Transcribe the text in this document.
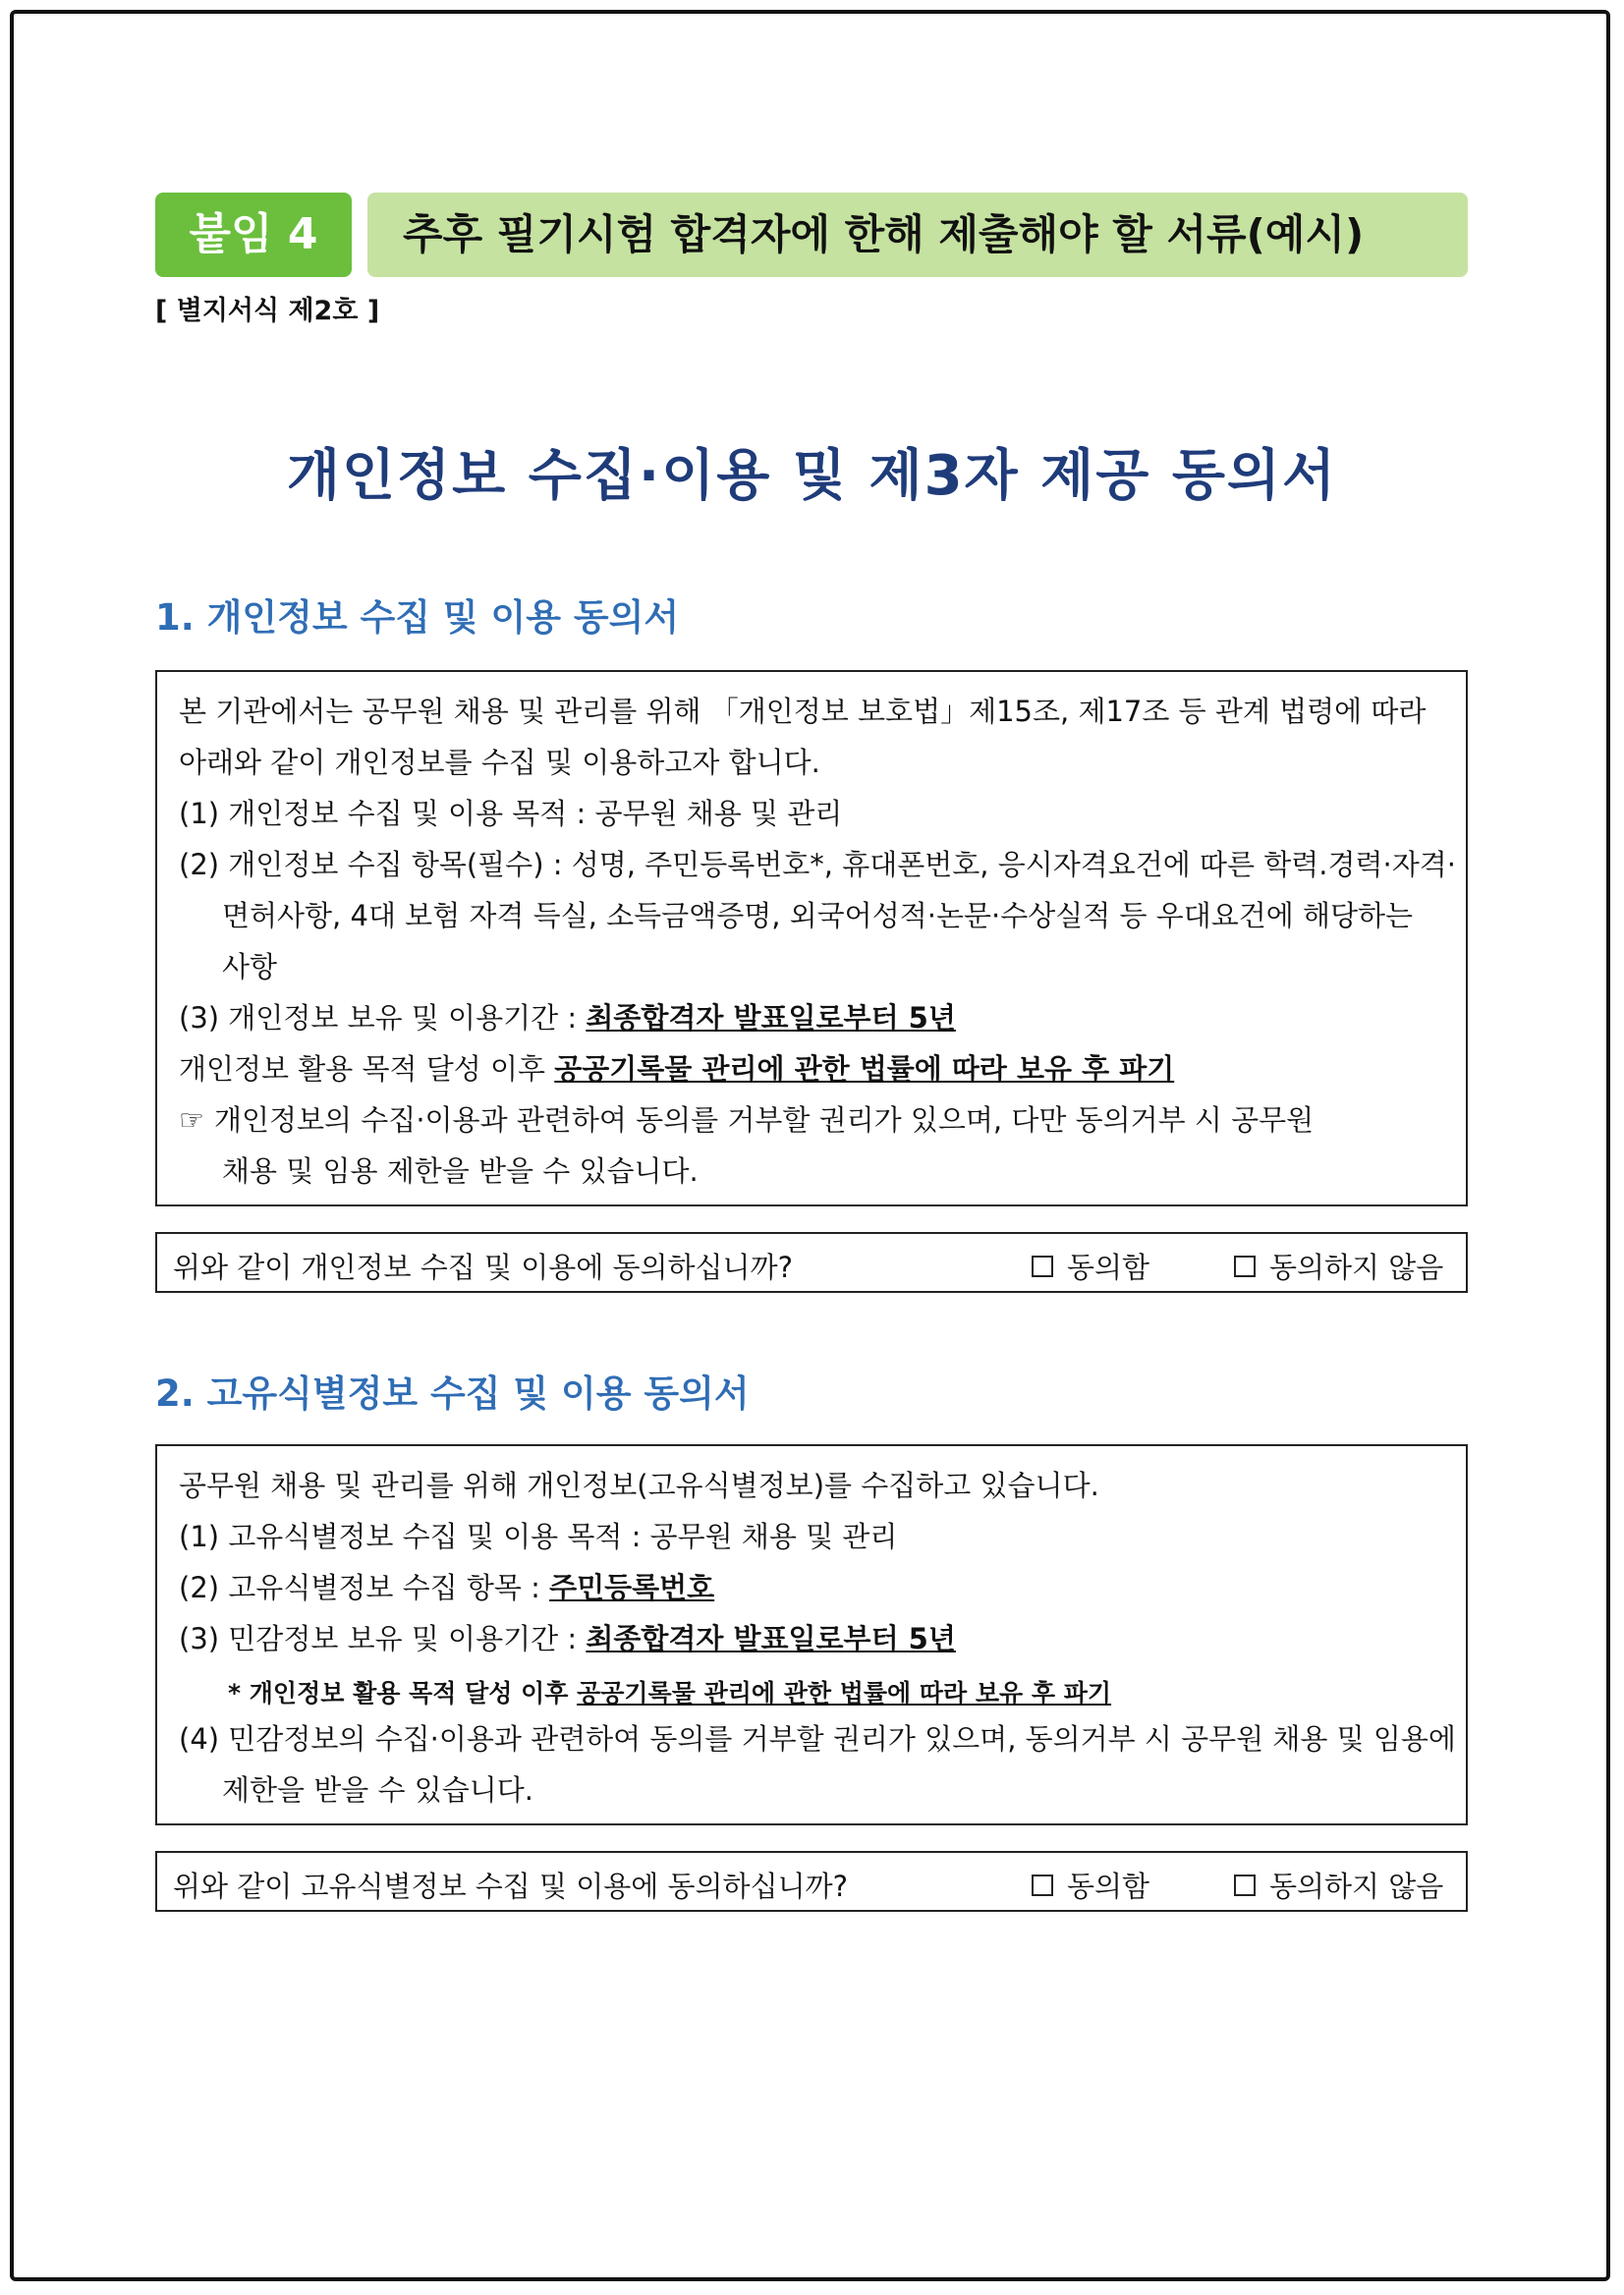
붙임 4	추후 필기시험 합격자에 한해 제출해야 할 서류(예시)
[ 별지서식 제2호 ]
개인정보 수집·이용 및 제3자 제공 동의서
1. 개인정보 수집 및 이용 동의서
본 기관에서는 공무원 채용 및 관리를 위해 「개인정보 보호법」제15조, 제17조 등 관계 법령에 따라
아래와 같이 개인정보를 수집 및 이용하고자 합니다.
(1) 개인정보 수집 및 이용 목적 : 공무원 채용 및 관리
(2) 개인정보 수집 항목(필수) : 성명, 주민등록번호*, 휴대폰번호, 응시자격요건에 따른 학력.경력·자격·
면허사항, 4대 보험 자격 득실, 소득금액증명, 외국어성적·논문·수상실적 등 우대요건에 해당하는
사항
(3) 개인정보 보유 및 이용기간 : 최종합격자 발표일로부터 5년
개인정보 활용 목적 달성 이후 공공기록물 관리에 관한 법률에 따라 보유 후 파기
☞ 개인정보의 수집·이용과 관련하여 동의를 거부할 권리가 있으며, 다만 동의거부 시 공무원
채용 및 임용 제한을 받을 수 있습니다.
위와 같이 개인정보 수집 및 이용에 동의하십니까?	동의함	동의하지 않음
2. 고유식별정보 수집 및 이용 동의서
공무원 채용 및 관리를 위해 개인정보(고유식별정보)를 수집하고 있습니다.
(1) 고유식별정보 수집 및 이용 목적 : 공무원 채용 및 관리
(2) 고유식별정보 수집 항목 : 주민등록번호
(3) 민감정보 보유 및 이용기간 : 최종합격자 발표일로부터 5년
* 개인정보 활용 목적 달성 이후 공공기록물 관리에 관한 법률에 따라 보유 후 파기
(4) 민감정보의 수집·이용과 관련하여 동의를 거부할 권리가 있으며, 동의거부 시 공무원 채용 및 임용에
제한을 받을 수 있습니다.
위와 같이 고유식별정보 수집 및 이용에 동의하십니까?	동의함	동의하지 않음
